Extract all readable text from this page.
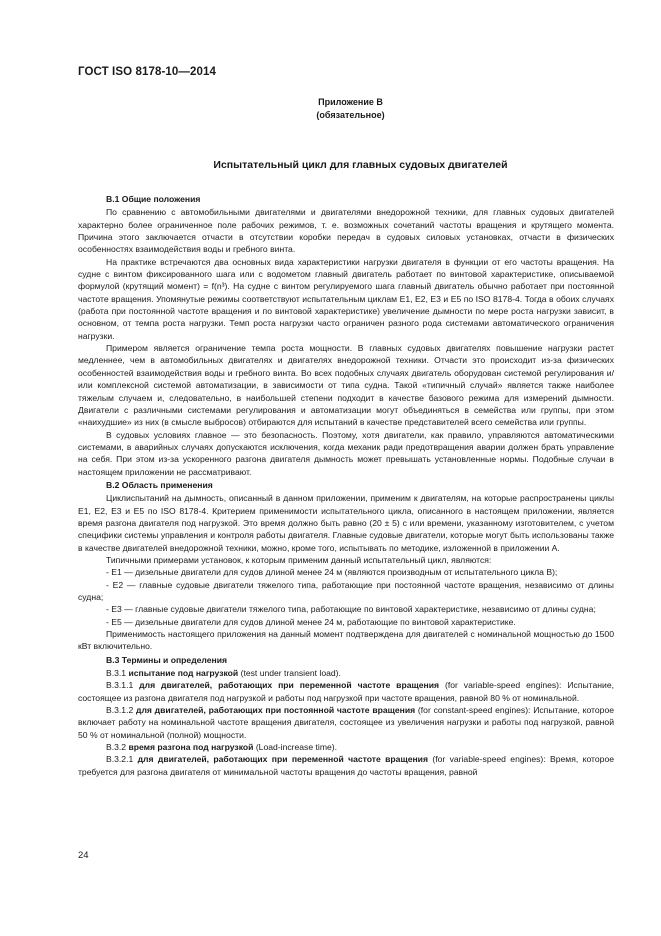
ГОСТ ISO 8178-10—2014
Приложение В
(обязательное)
Испытательный цикл для главных судовых двигателей

В.1 Общие положения

По сравнению с автомобильными двигателями и двигателями внедорожной техники, для главных судовых двигателей характерно более ограниченное поле рабочих режимов, т. е. возможных сочетаний частоты вращения и крутящего момента. Причина этого заключается отчасти в отсутствии коробки передач в судовых силовых установках, отчасти в физических особенностях взаимодействия воды и гребного винта.

На практике встречаются два основных вида характеристики нагрузки двигателя в функции от его частоты вращения. На судне с винтом фиксированного шага или с водометом главный двигатель работает по винтовой характеристике, описываемой формулой (крутящий момент) = f(n³). На судне с винтом регулируемого шага главный двигатель обычно работает при постоянной частоте вращения. Упомянутые режимы соответствуют испытательным циклам E1, E2, E3 и E5 по ISO 8178-4. Тогда в обоих случаях (работа при постоянной частоте вращения и по винтовой характеристике) увеличение дымности по мере роста нагрузки зависит, в основном, от темпа роста нагрузки. Темп роста нагрузки часто ограничен разного рода системами автоматического ограничения нагрузки.

Примером является ограничение темпа роста мощности. В главных судовых двигателях повышение нагрузки растет медленнее, чем в автомобильных двигателях и двигателях внедорожной техники. Отчасти это происходит из-за физических особенностей взаимодействия воды и гребного винта. Во всех подобных случаях двигатель оборудован системой регулирования и/или комплексной системой автоматизации, в зависимости от типа судна. Такой «типичный случай» является также наиболее тяжелым случаем и, следовательно, в наибольшей степени подходит в качестве базового режима для измерений дымности. Двигатели с различными системами регулирования и автоматизации могут объединяться в семейства или группы, при этом «наихудшие» из них (в смысле выбросов) отбираются для испытаний в качестве представителей всего семейства или группы.

В судовых условиях главное — это безопасность. Поэтому, хотя двигатели, как правило, управляются автоматическими системами, в аварийных случаях допускаются исключения, когда механик ради предотвращения аварии должен брать управление на себя. При этом из-за ускоренного разгона двигателя дымность может превышать установленные нормы. Подобные случаи в настоящем приложении не рассматривают.

В.2 Область применения

Циклиспытаний на дымность, описанный в данном приложении, применим к двигателям, на которые распространены циклы E1, E2, E3 и E5 по ISO 8178-4. Критерием применимости испытательного цикла, описанного в настоящем приложении, является время разгона двигателя под нагрузкой. Это время должно быть равно (20 ± 5) с или времени, указанному изготовителем, с учетом специфики системы управления и контроля работы двигателя. Главные судовые двигатели, которые могут быть использованы также в качестве двигателей внедорожной техники, можно, кроме того, испытывать по методике, изложенной в приложении А.

Типичными примерами установок, к которым применим данный испытательный цикл, являются:

- E1 — дизельные двигатели для судов длиной менее 24 м (являются производным от испытательного цикла B);

- E2 — главные судовые двигатели тяжелого типа, работающие при постоянной частоте вращения, независимо от длины судна;

- E3 — главные судовые двигатели тяжелого типа, работающие по винтовой характеристике, независимо от длины судна;

- E5 — дизельные двигатели для судов длиной менее 24 м, работающие по винтовой характеристике.

Применимость настоящего приложения на данный момент подтверждена для двигателей с номинальной мощностью до 1500 кВт включительно.

В.3 Термины и определения

В.3.1 испытание под нагрузкой (test under transient load).

В.3.1.1 для двигателей, работающих при переменной частоте вращения (for variable-speed engines): Испытание, состоящее из разгона двигателя под нагрузкой и работы под нагрузкой при частоте вращения, равной 80 % от номинальной.

В.3.1.2 для двигателей, работающих при постоянной частоте вращения (for constant-speed engines): Испытание, которое включает работу на номинальной частоте вращения двигателя, состоящее из увеличения нагрузки и работы под нагрузкой, равной 50 % от номинальной (полной) мощности.

В.3.2 время разгона под нагрузкой (Load-increase time).

В.3.2.1 для двигателей, работающих при переменной частоте вращения (for variable-speed engines): Время, которое требуется для разгона двигателя от минимальной частоты вращения до частоты вращения, равной

24
